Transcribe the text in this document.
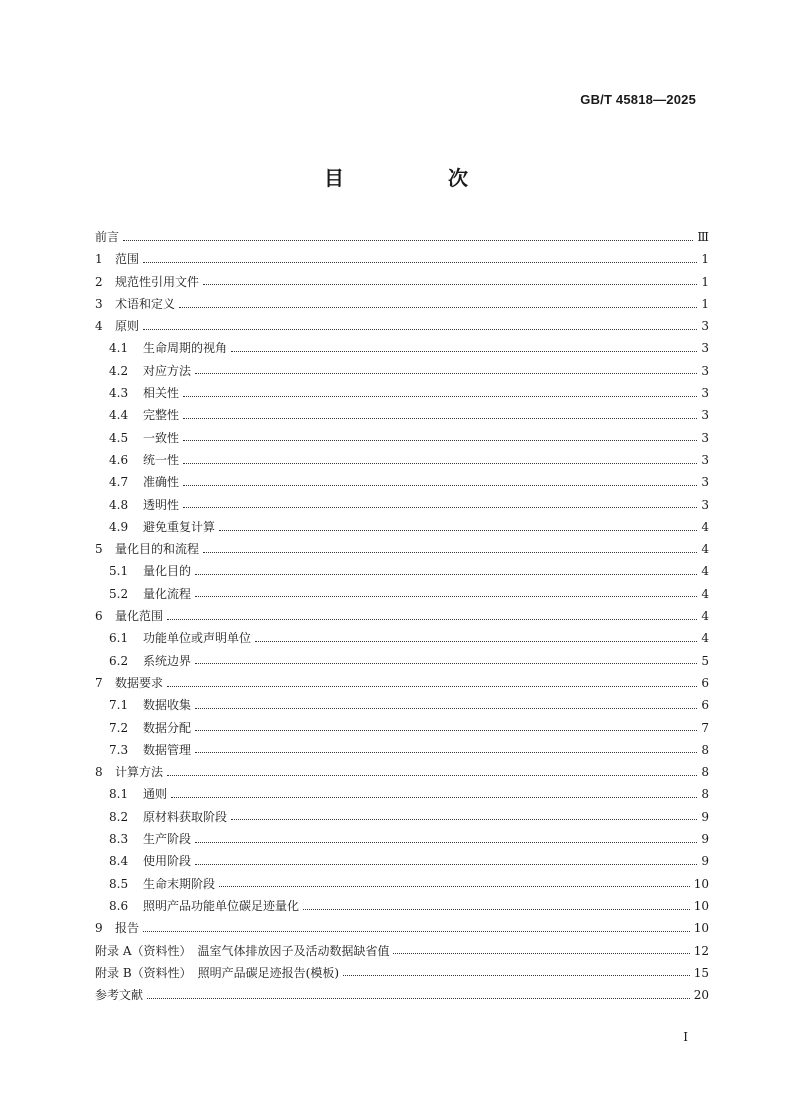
GB/T 45818—2025
目　次
前言	Ⅲ
1	范围	1
2	规范性引用文件	1
3	术语和定义	1
4	原则	3
4.1	生命周期的视角	3
4.2	对应方法	3
4.3	相关性	3
4.4	完整性	3
4.5	一致性	3
4.6	统一性	3
4.7	准确性	3
4.8	透明性	3
4.9	避免重复计算	4
5	量化目的和流程	4
5.1	量化目的	4
5.2	量化流程	4
6	量化范围	4
6.1	功能单位或声明单位	4
6.2	系统边界	5
7	数据要求	6
7.1	数据收集	6
7.2	数据分配	7
7.3	数据管理	8
8	计算方法	8
8.1	通则	8
8.2	原材料获取阶段	9
8.3	生产阶段	9
8.4	使用阶段	9
8.5	生命末期阶段	10
8.6	照明产品功能单位碳足迹量化	10
9	报告	10
附录 A（资料性）　温室气体排放因子及活动数据缺省值	12
附录 B（资料性）　照明产品碳足迹报告(模板)	15
参考文献	20
I
